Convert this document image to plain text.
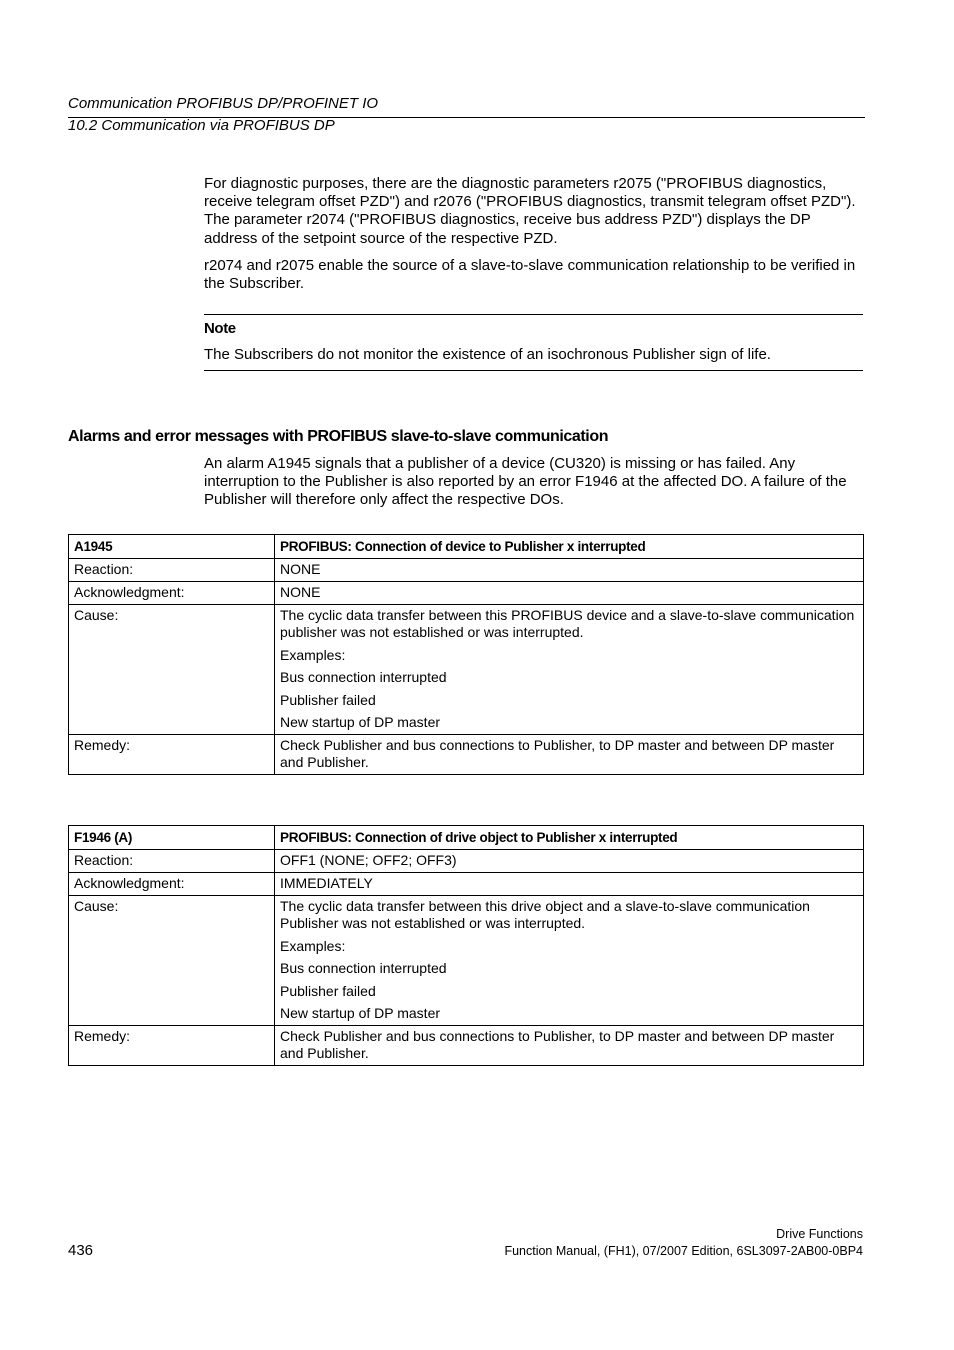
Communication PROFIBUS DP/PROFINET IO
10.2 Communication via PROFIBUS DP

For diagnostic purposes, there are the diagnostic parameters r2075 ("PROFIBUS diagnostics, receive telegram offset PZD") and r2076 ("PROFIBUS diagnostics, transmit telegram offset PZD"). The parameter r2074 ("PROFIBUS diagnostics, receive bus address PZD") displays the DP address of the setpoint source of the respective PZD.

r2074 and r2075 enable the source of a slave-to-slave communication relationship to be verified in the Subscriber.

Note
The Subscribers do not monitor the existence of an isochronous Publisher sign of life.
Alarms and error messages with PROFIBUS slave-to-slave communication

An alarm A1945 signals that a publisher of a device (CU320) is missing or has failed. Any interruption to the Publisher is also reported by an error F1946 at the affected DO. A failure of the Publisher will therefore only affect the respective DOs.

A1945	PROFIBUS: Connection of device to Publisher x interrupted
Reaction:	NONE
Acknowledgment:	NONE
Cause:	The cyclic data transfer between this PROFIBUS device and a slave-to-slave communication publisher was not established or was interrupted.
Examples:
Bus connection interrupted
Publisher failed
New startup of DP master

Remedy:	Check Publisher and bus connections to Publisher, to DP master and between DP master and Publisher.
F1946 (A)	PROFIBUS: Connection of drive object to Publisher x interrupted
Reaction:	OFF1 (NONE; OFF2; OFF3)
Acknowledgment:	IMMEDIATELY
Cause:	The cyclic data transfer between this drive object and a slave-to-slave communication Publisher was not established or was interrupted.
Examples:
Bus connection interrupted
Publisher failed
New startup of DP master

Remedy:	Check Publisher and bus connections to Publisher, to DP master and between DP master and Publisher.
Drive Functions
436	Function Manual, (FH1), 07/2007 Edition, 6SL3097-2AB00-0BP4
